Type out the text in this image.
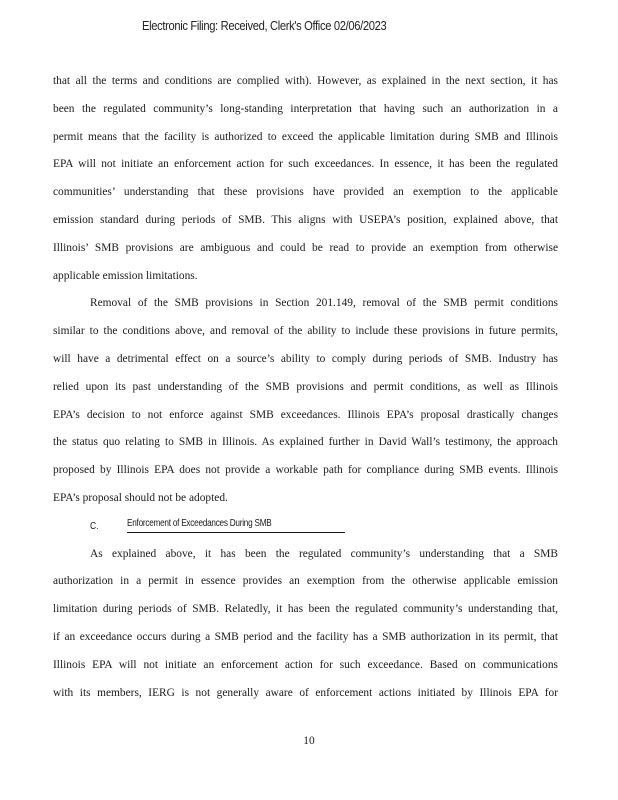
Electronic Filing: Received, Clerk's Office 02/06/2023
that all the terms and conditions are complied with). However, as explained in the next section, it has
been the regulated community’s long-standing interpretation that having such an authorization in a
permit means that the facility is authorized to exceed the applicable limitation during SMB and Illinois
EPA will not initiate an enforcement action for such exceedances. In essence, it has been the regulated
communities’ understanding that these provisions have provided an exemption to the applicable
emission standard during periods of SMB. This aligns with USEPA’s position, explained above, that
Illinois’ SMB provisions are ambiguous and could be read to provide an exemption from otherwise
applicable emission limitations.
Removal of the SMB provisions in Section 201.149, removal of the SMB permit conditions
similar to the conditions above, and removal of the ability to include these provisions in future permits,
will have a detrimental effect on a source’s ability to comply during periods of SMB. Industry has
relied upon its past understanding of the SMB provisions and permit conditions, as well as Illinois
EPA’s decision to not enforce against SMB exceedances. Illinois EPA’s proposal drastically changes
the status quo relating to SMB in Illinois. As explained further in David Wall’s testimony, the approach
proposed by Illinois EPA does not provide a workable path for compliance during SMB events. Illinois
EPA’s proposal should not be adopted.
C.	Enforcement of Exceedances During SMB
As explained above, it has been the regulated community’s understanding that a SMB
authorization in a permit in essence provides an exemption from the otherwise applicable emission
limitation during periods of SMB. Relatedly, it has been the regulated community’s understanding that,
if an exceedance occurs during a SMB period and the facility has a SMB authorization in its permit, that
Illinois EPA will not initiate an enforcement action for such exceedance. Based on communications
with its members, IERG is not generally aware of enforcement actions initiated by Illinois EPA for
10
